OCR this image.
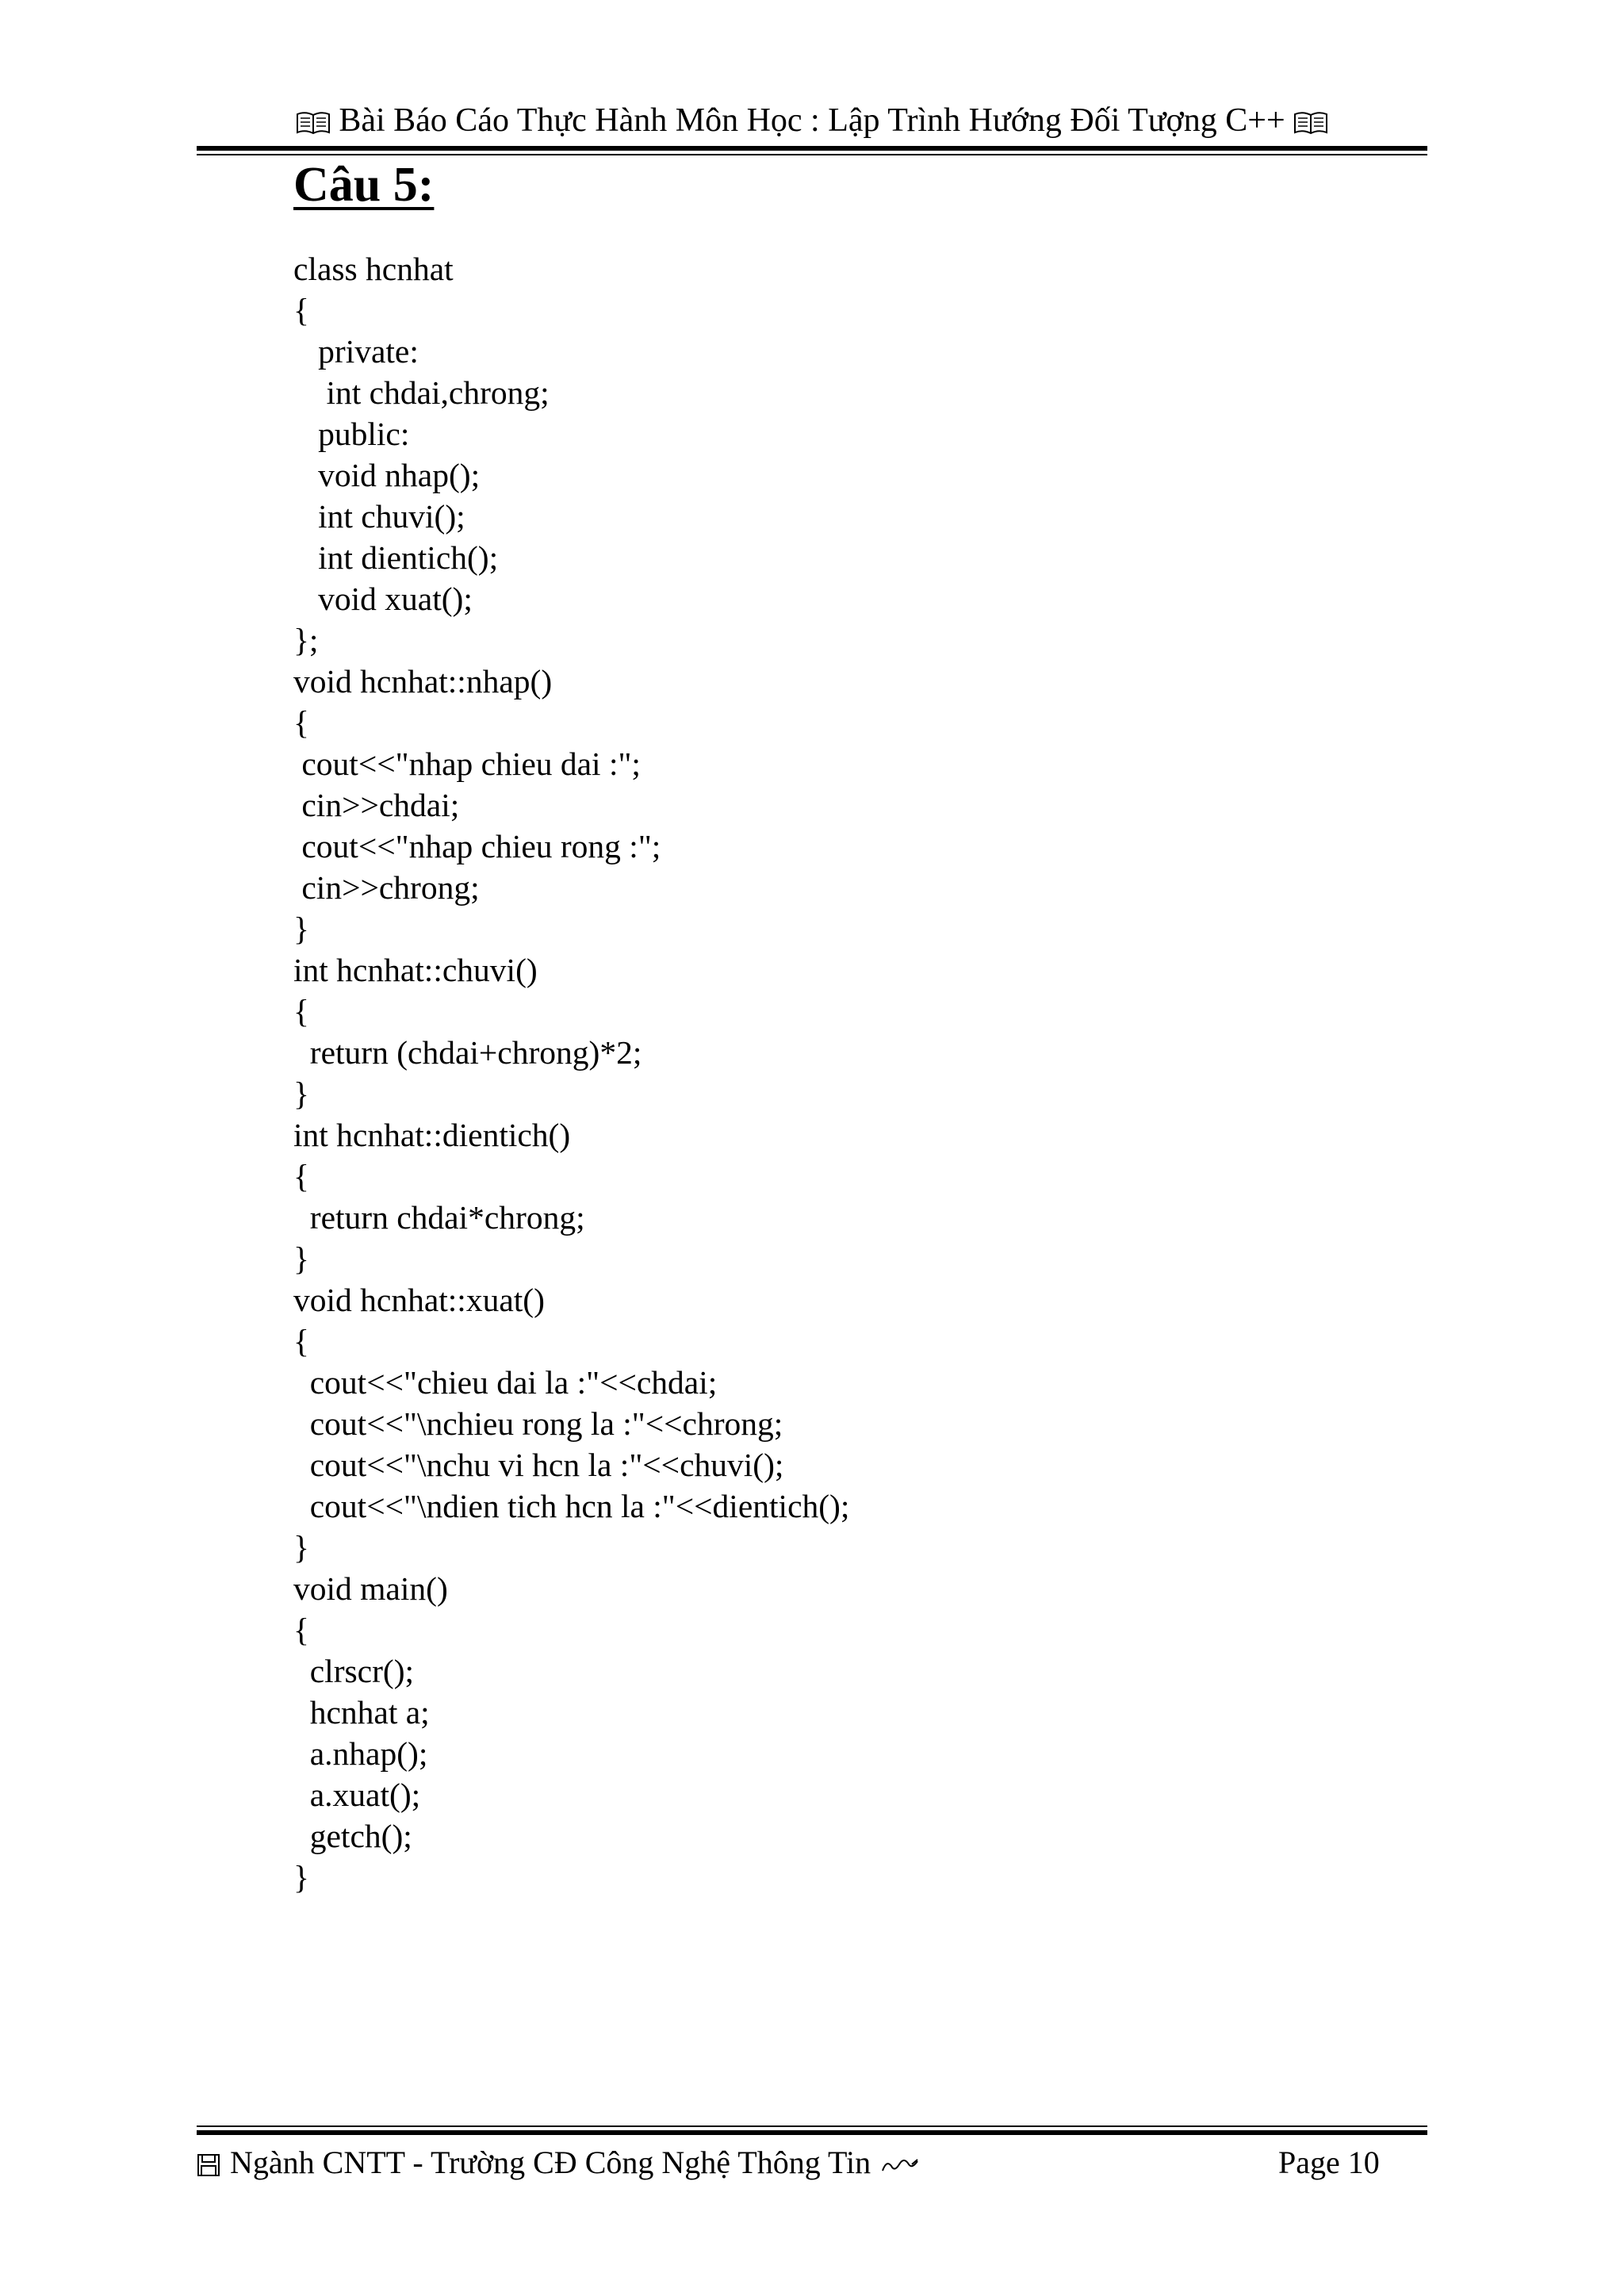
Bài Báo Cáo Thực Hành Môn Học : Lập Trình Hướng Đối Tượng C++
Câu 5:
class hcnhat
{
private:
int chdai,chrong;
public:
void nhap();
int chuvi();
int dientich();
void xuat();
};
void hcnhat::nhap()
{
cout<<"nhap chieu dai :";
cin>>chdai;
cout<<"nhap chieu rong :";
cin>>chrong;
}
int hcnhat::chuvi()
{
return (chdai+chrong)*2;
}
int hcnhat::dientich()
{
return chdai*chrong;
}
void hcnhat::xuat()
{
cout<<"chieu dai la :"<<chdai;
cout<<"\nchieu rong la :"<<chrong;
cout<<"\nchu vi hcn la :"<<chuvi();
cout<<"\ndien tich hcn la :"<<dientich();
}
void main()
{
clrscr();
hcnhat a;
a.nhap();
a.xuat();
getch();
}
Ngành CNTT - Trường CĐ Công Nghệ Thông Tin	Page 10
